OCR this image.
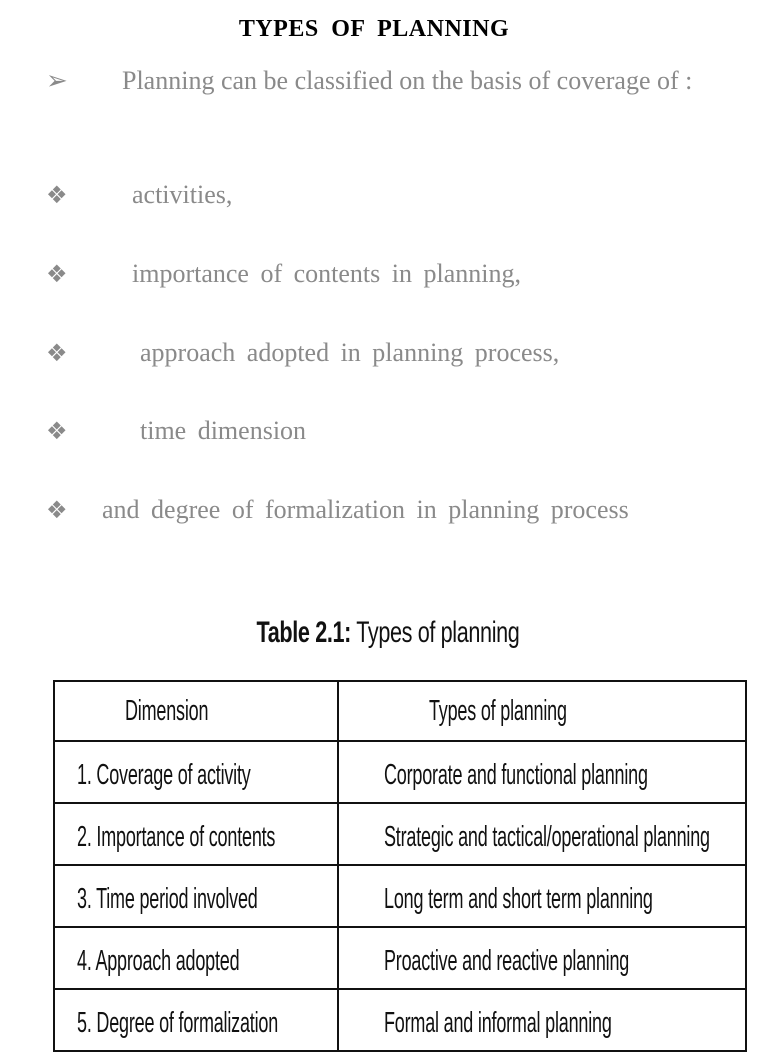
TYPES OF PLANNING
➢ Planning can be classified on the basis of coverage of :
❖ activities,
❖ importance of contents in planning,
❖	approach adopted in planning process,
❖	time dimension
❖ and degree of formalization in planning process
Table 2.1: Types of planning
Dimension	Types of planning
1. Coverage of activity	Corporate and functional planning
2. Importance of contents	Strategic and tactical/operational planning
3. Time period involved	Long term and short term planning
4. Approach adopted	Proactive and reactive planning
5. Degree of formalization	Formal and informal planning
